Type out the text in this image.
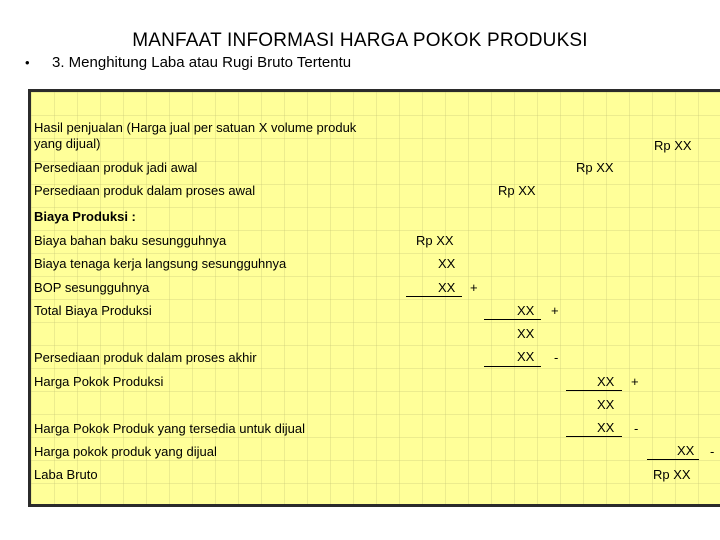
MANFAAT INFORMASI HARGA POKOK PRODUKSI
• 3. Menghitung Laba atau Rugi Bruto Tertentu
Hasil penjualan (Harga jual per satuan X volume produk
yang dijual)	Rp XX
Persediaan produk jadi awal	Rp XX
Persediaan produk dalam proses awal	Rp XX
Biaya Produksi :
Biaya bahan baku sesungguhnya	Rp XX
Biaya tenaga kerja langsung sesungguhnya	XX
BOP sesungguhnya	XX +
Total Biaya Produksi	XX +
XX
Persediaan produk dalam proses akhir	XX -
Harga Pokok Produksi	XX +
XX
Harga Pokok Produk yang tersedia untuk dijual	XX -
Harga pokok produk yang dijual	XX -
Laba Bruto	Rp XX
